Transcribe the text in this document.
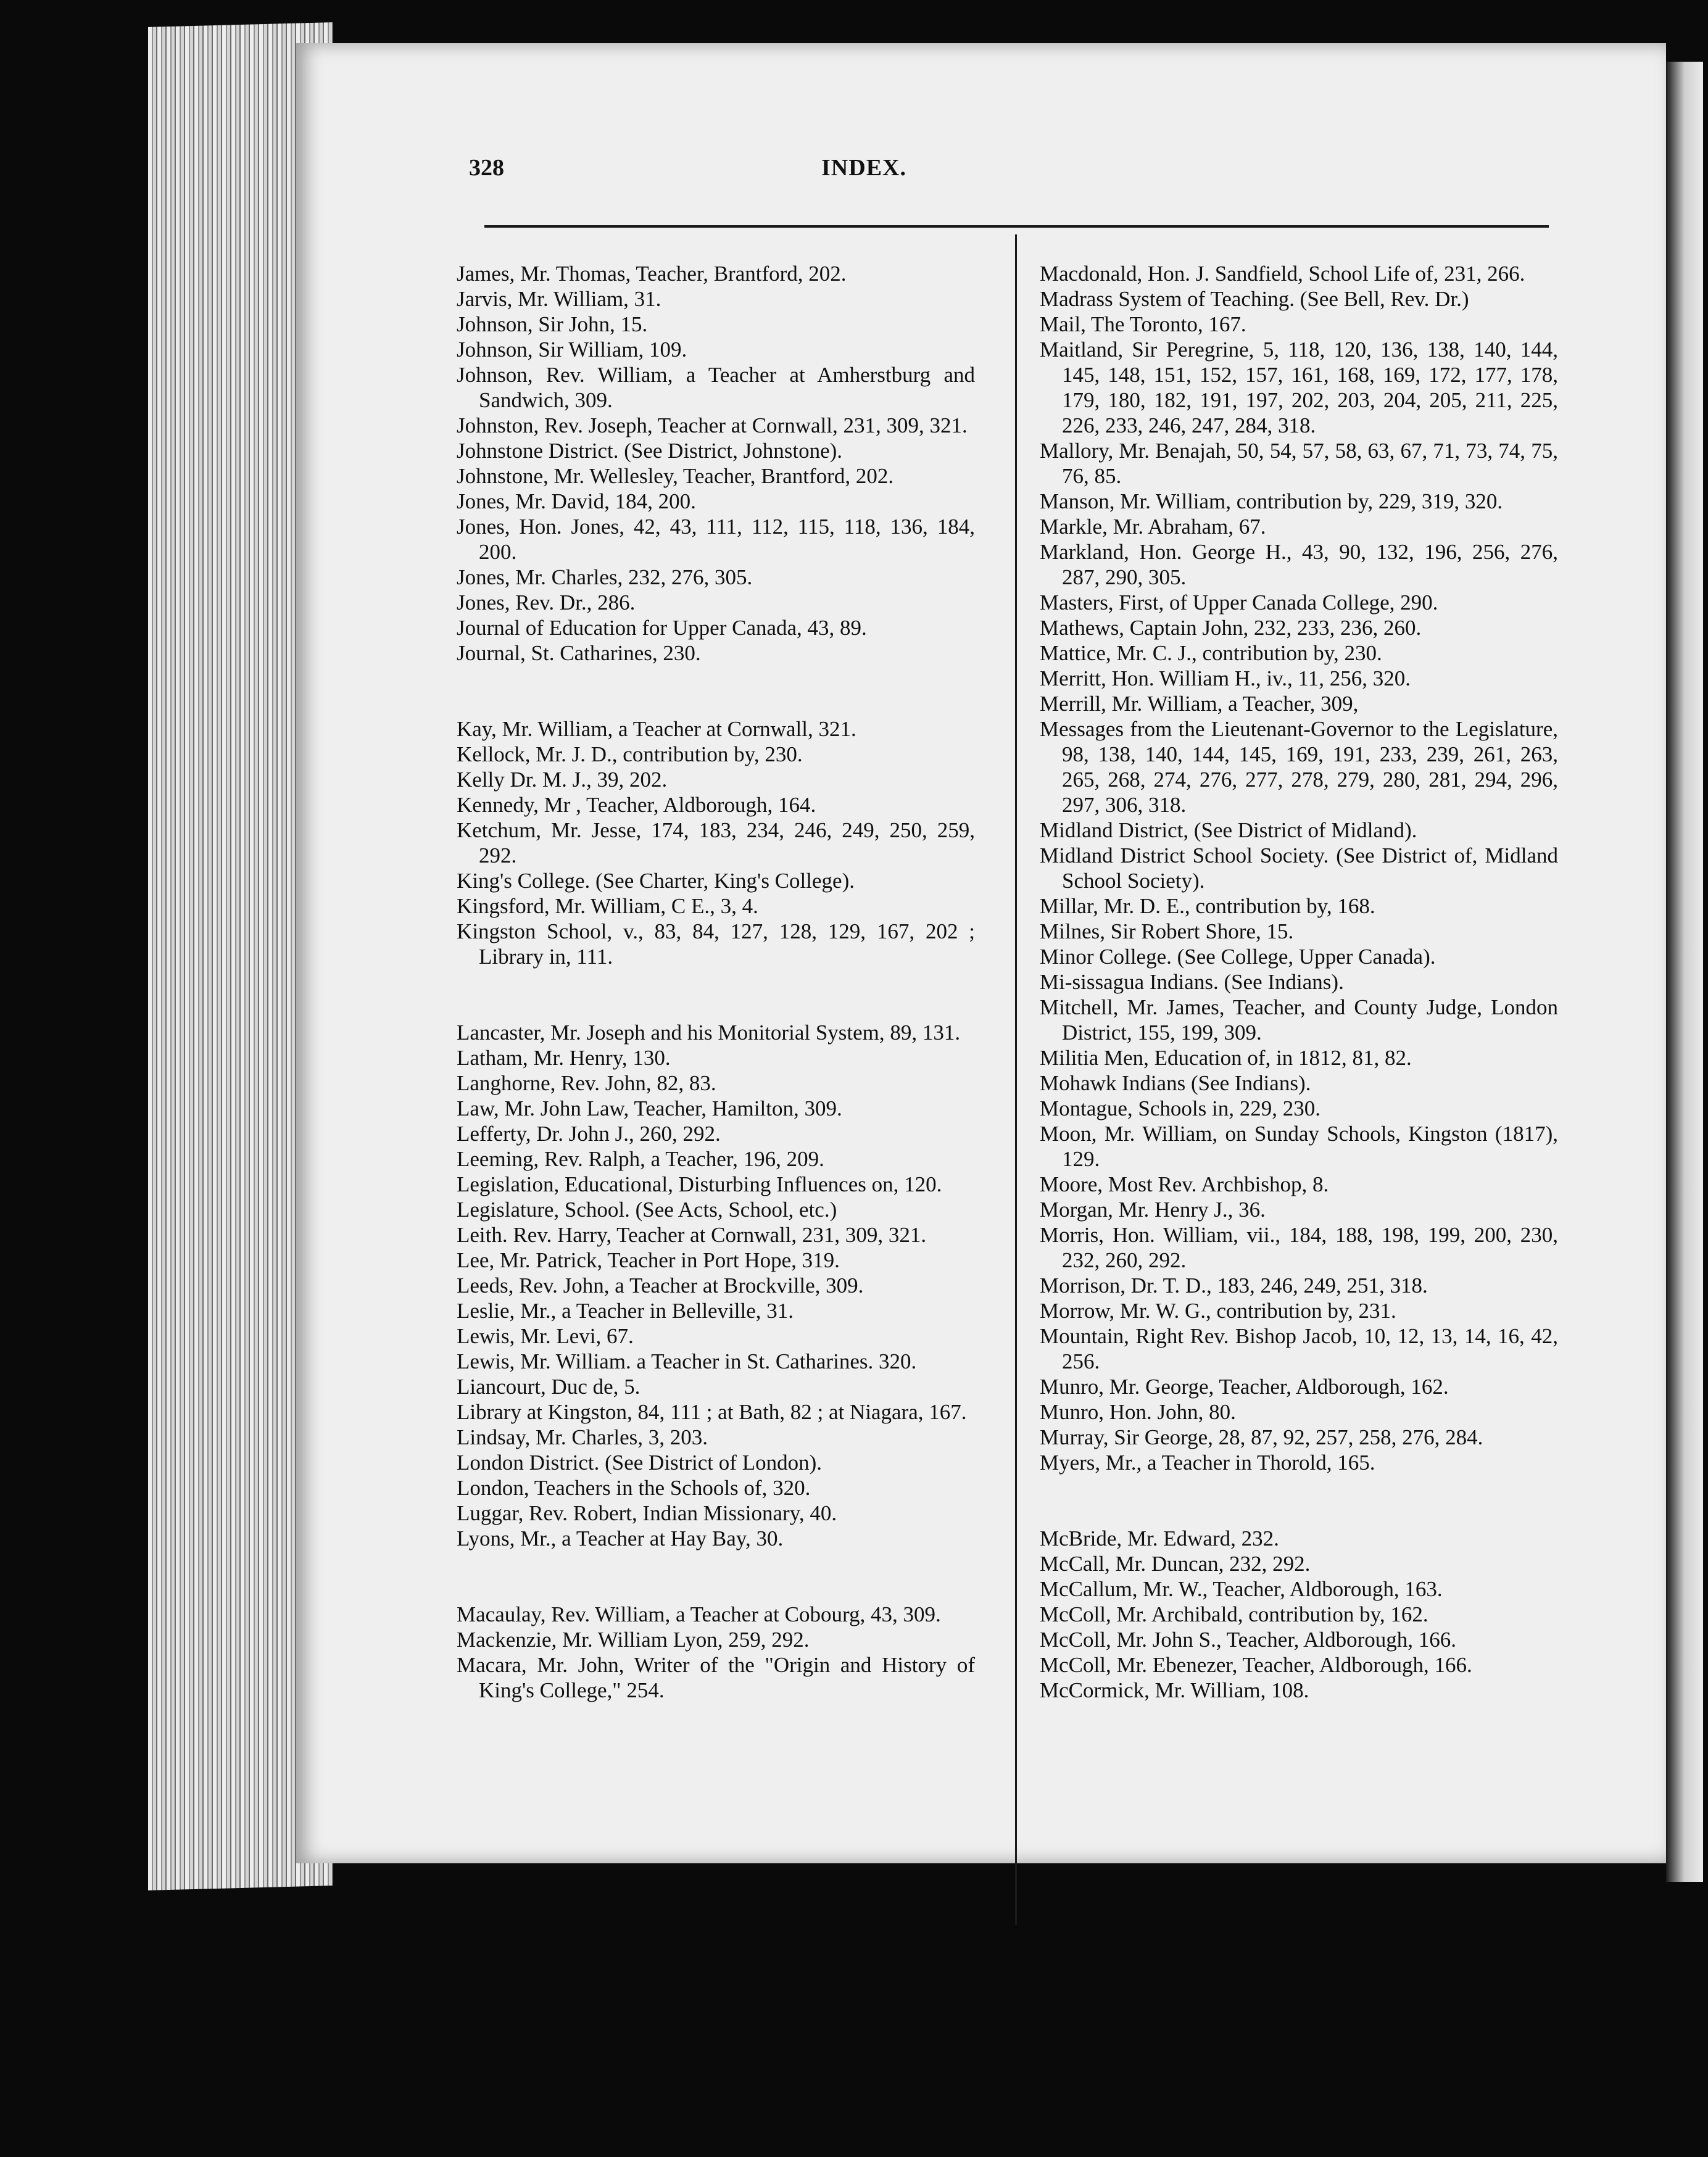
328	INDEX.
James, Mr. Thomas, Teacher, Brantford, 202.
Jarvis, Mr. William, 31.
Johnson, Sir John, 15.
Johnson, Sir William, 109.
Johnson, Rev. William, a Teacher at Amherstburg and Sandwich, 309.
Johnston, Rev. Joseph, Teacher at Cornwall, 231, 309, 321.
Johnstone District. (See District, Johnstone).
Johnstone, Mr. Wellesley, Teacher, Brantford, 202.
Jones, Mr. David, 184, 200.
Jones, Hon. Jones, 42, 43, 111, 112, 115, 118, 136, 184, 200.
Jones, Mr. Charles, 232, 276, 305.
Jones, Rev. Dr., 286.
Journal of Education for Upper Canada, 43, 89.
Journal, St. Catharines, 230.
Kay, Mr. William, a Teacher at Cornwall, 321.
Kellock, Mr. J. D., contribution by, 230.
Kelly Dr. M. J., 39, 202.
Kennedy, Mr , Teacher, Aldborough, 164.
Ketchum, Mr. Jesse, 174, 183, 234, 246, 249, 250, 259, 292.
King's College. (See Charter, King's College).
Kingsford, Mr. William, C E., 3, 4.
Kingston School, v., 83, 84, 127, 128, 129, 167, 202 ; Library in, 111.
Lancaster, Mr. Joseph and his Monitorial System, 89, 131.
Latham, Mr. Henry, 130.
Langhorne, Rev. John, 82, 83.
Law, Mr. John Law, Teacher, Hamilton, 309.
Lefferty, Dr. John J., 260, 292.
Leeming, Rev. Ralph, a Teacher, 196, 209.
Legislation, Educational, Disturbing Influences on, 120.
Legislature, School. (See Acts, School, etc.)
Leith. Rev. Harry, Teacher at Cornwall, 231, 309, 321.
Lee, Mr. Patrick, Teacher in Port Hope, 319.
Leeds, Rev. John, a Teacher at Brockville, 309.
Leslie, Mr., a Teacher in Belleville, 31.
Lewis, Mr. Levi, 67.
Lewis, Mr. William. a Teacher in St. Catharines. 320.
Liancourt, Duc de, 5.
Library at Kingston, 84, 111 ; at Bath, 82 ; at Niagara, 167.
Lindsay, Mr. Charles, 3, 203.
London District. (See District of London).
London, Teachers in the Schools of, 320.
Luggar, Rev. Robert, Indian Missionary, 40.
Lyons, Mr., a Teacher at Hay Bay, 30.
Macaulay, Rev. William, a Teacher at Cobourg, 43, 309.
Mackenzie, Mr. William Lyon, 259, 292.
Macara, Mr. John, Writer of the "Origin and History of King's College," 254.
Macdonald, Hon. J. Sandfield, School Life of, 231, 266.
Madrass System of Teaching. (See Bell, Rev. Dr.)
Mail, The Toronto, 167.
Maitland, Sir Peregrine, 5, 118, 120, 136, 138, 140, 144, 145, 148, 151, 152, 157, 161, 168, 169, 172, 177, 178, 179, 180, 182, 191, 197, 202, 203, 204, 205, 211, 225, 226, 233, 246, 247, 284, 318.
Mallory, Mr. Benajah, 50, 54, 57, 58, 63, 67, 71, 73, 74, 75, 76, 85.
Manson, Mr. William, contribution by, 229, 319, 320.
Markle, Mr. Abraham, 67.
Markland, Hon. George H., 43, 90, 132, 196, 256, 276, 287, 290, 305.
Masters, First, of Upper Canada College, 290.
Mathews, Captain John, 232, 233, 236, 260.
Mattice, Mr. C. J., contribution by, 230.
Merritt, Hon. William H., iv., 11, 256, 320.
Merrill, Mr. William, a Teacher, 309,
Messages from the Lieutenant-Governor to the Legislature, 98, 138, 140, 144, 145, 169, 191, 233, 239, 261, 263, 265, 268, 274, 276, 277, 278, 279, 280, 281, 294, 296, 297, 306, 318.
Midland District, (See District of Midland).
Midland District School Society. (See District of, Midland School Society).
Millar, Mr. D. E., contribution by, 168.
Milnes, Sir Robert Shore, 15.
Minor College. (See College, Upper Canada).
Mi-sissagua Indians. (See Indians).
Mitchell, Mr. James, Teacher, and County Judge, London District, 155, 199, 309.
Militia Men, Education of, in 1812, 81, 82.
Mohawk Indians (See Indians).
Montague, Schools in, 229, 230.
Moon, Mr. William, on Sunday Schools, Kingston (1817), 129.
Moore, Most Rev. Archbishop, 8.
Morgan, Mr. Henry J., 36.
Morris, Hon. William, vii., 184, 188, 198, 199, 200, 230, 232, 260, 292.
Morrison, Dr. T. D., 183, 246, 249, 251, 318.
Morrow, Mr. W. G., contribution by, 231.
Mountain, Right Rev. Bishop Jacob, 10, 12, 13, 14, 16, 42, 256.
Munro, Mr. George, Teacher, Aldborough, 162.
Munro, Hon. John, 80.
Murray, Sir George, 28, 87, 92, 257, 258, 276, 284.
Myers, Mr., a Teacher in Thorold, 165.
McBride, Mr. Edward, 232.
McCall, Mr. Duncan, 232, 292.
McCallum, Mr. W., Teacher, Aldborough, 163.
McColl, Mr. Archibald, contribution by, 162.
McColl, Mr. John S., Teacher, Aldborough, 166.
McColl, Mr. Ebenezer, Teacher, Aldborough, 166.
McCormick, Mr. William, 108.
